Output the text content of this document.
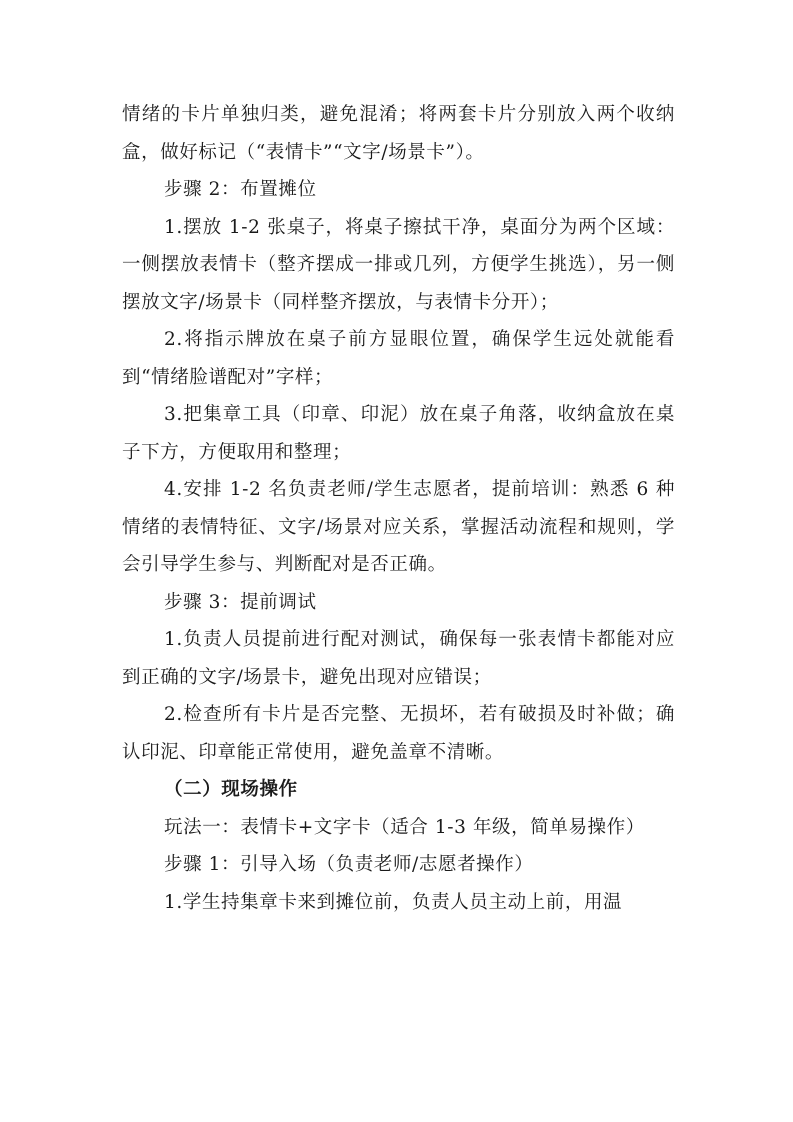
情绪的卡片单独归类，避免混淆；将两套卡片分别放入两个收纳盒，做好标记（“表情卡”“文字/场景卡”）。

步骤 2：布置摊位

1.摆放 1-2 张桌子，将桌子擦拭干净，桌面分为两个区域：一侧摆放表情卡（整齐摆成一排或几列，方便学生挑选），另一侧摆放文字/场景卡（同样整齐摆放，与表情卡分开）；

2.将指示牌放在桌子前方显眼位置，确保学生远处就能看到“情绪脸谱配对”字样；

3.把集章工具（印章、印泥）放在桌子角落，收纳盒放在桌子下方，方便取用和整理；

4.安排 1-2 名负责老师/学生志愿者，提前培训：熟悉 6 种情绪的表情特征、文字/场景对应关系，掌握活动流程和规则，学会引导学生参与、判断配对是否正确。

步骤 3：提前调试

1.负责人员提前进行配对测试，确保每一张表情卡都能对应到正确的文字/场景卡，避免出现对应错误；

2.检查所有卡片是否完整、无损坏，若有破损及时补做；确认印泥、印章能正常使用，避免盖章不清晰。

（二）现场操作

玩法一：表情卡+文字卡（适合 1-3 年级，简单易操作）

步骤 1：引导入场（负责老师/志愿者操作）

1.学生持集章卡来到摊位前，负责人员主动上前，用温
